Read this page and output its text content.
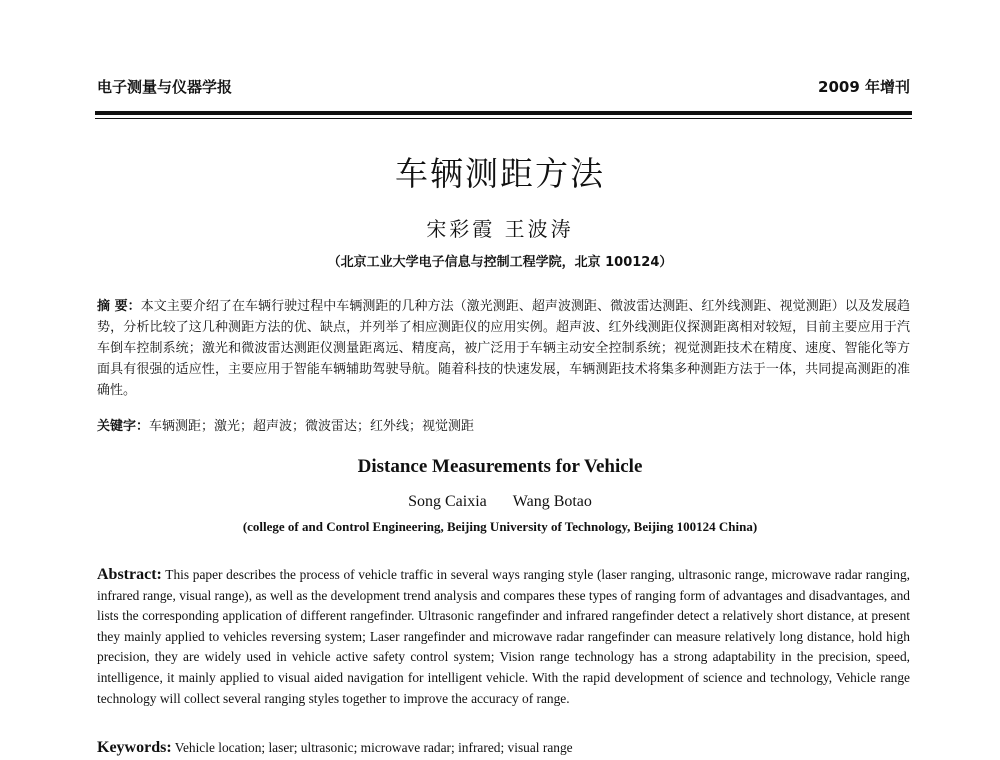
电子测量与仪器学报	2009 年增刊
车辆测距方法
宋彩霞 王波涛
（北京工业大学电子信息与控制工程学院，北京 100124）
摘 要：本文主要介绍了在车辆行驶过程中车辆测距的几种方法（激光测距、超声波测距、微波雷达测距、红外线测距、视觉测距）以及发展趋势，分析比较了这几种测距方法的优、缺点，并列举了相应测距仪的应用实例。超声波、红外线测距仪探测距离相对较短，目前主要应用于汽车倒车控制系统；激光和微波雷达测距仪测量距离远、精度高，被广泛用于车辆主动安全控制系统；视觉测距技术在精度、速度、智能化等方面具有很强的适应性，主要应用于智能车辆辅助驾驶导航。随着科技的快速发展，车辆测距技术将集多种测距方法于一体，共同提高测距的准确性。
关键字：车辆测距；激光；超声波；微波雷达；红外线；视觉测距
Distance Measurements for Vehicle
Song Caixia Wang Botao
(college of and Control Engineering, Beijing University of Technology, Beijing 100124 China)
Abstract: This paper describes the process of vehicle traffic in several ways ranging style (laser ranging, ultrasonic range, microwave radar ranging, infrared range, visual range), as well as the development trend analysis and compares these types of ranging form of advantages and disadvantages, and lists the corresponding application of different rangefinder. Ultrasonic rangefinder and infrared rangefinder detect a relatively short distance, at present they mainly applied to vehicles reversing system; Laser rangefinder and microwave radar rangefinder can measure relatively long distance, hold high precision, they are widely used in vehicle active safety control system; Vision range technology has a strong adaptability in the precision, speed, intelligence, it mainly applied to visual aided navigation for intelligent vehicle. With the rapid development of science and technology, Vehicle range technology will collect several ranging styles together to improve the accuracy of range.
Keywords: Vehicle location; laser; ultrasonic; microwave radar; infrared; visual range
